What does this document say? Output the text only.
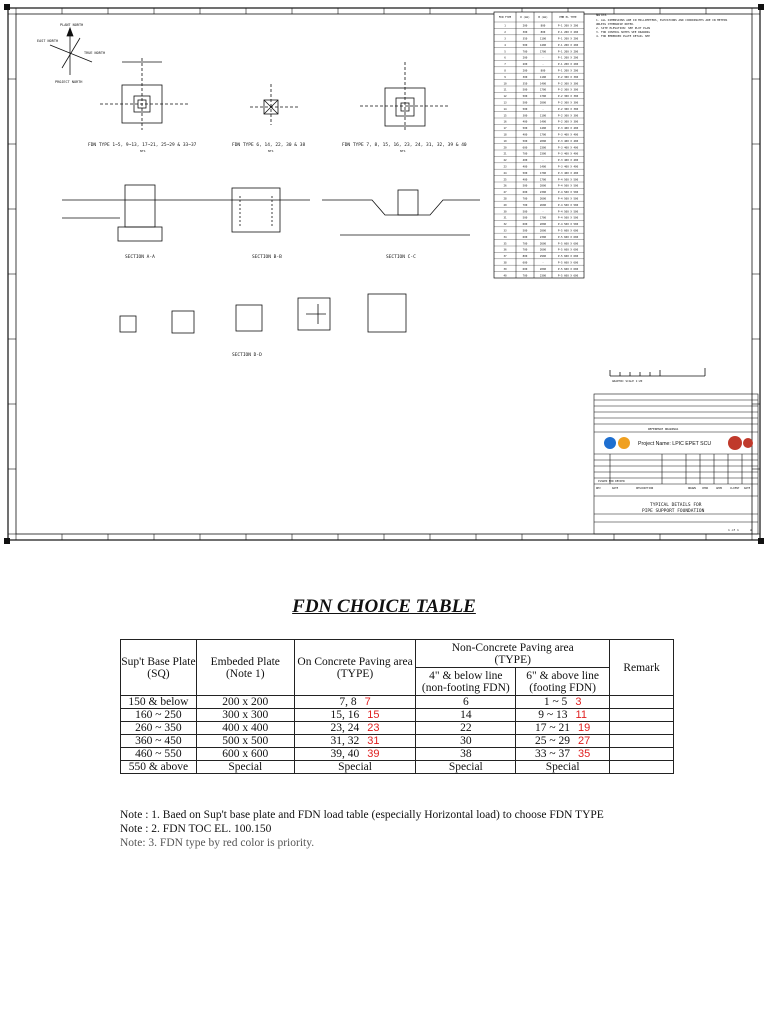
PLANT NORTH
EAST NORTH
TRUE NORTH
PROJECT NORTH
FDN TYPE 1~5, 9~13, 17~21, 25~29 & 33~37
NTS
FDN TYPE 6, 14, 22, 30 & 38
NTS
FDN TYPE 7, 8, 15, 16, 23, 24, 31, 32, 39 & 40
NTS
SECTION A-A	SECTION B-B	SECTION C-C
SECTION D-D
FDN TYPE	D (mm)	B (mm)	EMB PL TYPE
1	200	800	P-1 200 X 200
2	300	800	P-1 200 X 200
3	350	1100	P-1 200 X 200
4	500	1400	P-1 200 X 200
5	700	1700	P-1 200 X 200
6	200	-	P-1 200 X 200
7	200	-	P-1 200 X 200
8	200	800	P-1 200 X 200
9	300	1100	P-2 300 X 300
10	350	1400	P-2 300 X 300
11	500	1700	P-2 300 X 300
12	500	1700	P-2 300 X 300
13	500	2000	P-2 300 X 300
14	500	-	P-2 300 X 300
15	300	1100	P-2 300 X 300
16	400	1400	P-2 300 X 300
17	500	1400	P-3 400 X 400
18	400	1700	P-3 400 X 400
19	500	2000	P-3 400 X 400
20	600	2300	P-3 400 X 400
21	700	2300	P-3 400 X 400
22	400	-	P-3 400 X 400
23	400	1400	P-3 400 X 400
24	500	1700	P-3 400 X 400
25	400	1700	P-4 500 X 500
26	500	2000	P-4 500 X 500
27	600	2300	P-4 500 X 500
28	700	2600	P-4 500 X 500
29	700	2600	P-4 500 X 500
30	500	-	P-4 500 X 500
31	500	1700	P-4 500 X 500
32	600	2000	P-4 500 X 500
33	500	2000	P-5 600 X 600
34	600	2300	P-5 600 X 600
35	700	2600	P-5 600 X 600
36	700	2600	P-5 600 X 600
37	800	2900	P-5 600 X 600
38	600	-	P-5 600 X 600
39	600	2000	P-5 600 X 600
40	700	2300	P-5 600 X 600
NOTES
1. ALL DIMENSIONS ARE IN MILLIMETERS, ELEVATIONS AND COORDINATES ARE IN METERS
UNLESS OTHERWISE NOTED.
2. SITE ELEVATION: SEE PLOT PLAN
3. FOR CONTROL NOTES SEE DRAWING
4. FOR EMBEDDED PLATE DETAIL SEE
GRAPHIC SCALE 1:20
REFERENCE DRAWINGS
Project Name: LPIC EPET SCU
ISSUED FOR REVIEW
REV	DATE	DESCRIPTION	DRAWN CHKD	APPD	CLIENT DATE
TYPICAL DETAILS FOR
PIPE SUPPORT FOUNDATION
1 of 1	A
FDN CHOICE TABLE
Sup't Base Plate
(SQ)	Embeded Plate
(Note 1)	On Concrete Paving area
(TYPE)	Non-Concrete Paving area
(TYPE)		Remark
			4" & below line
(non-footing FDN)	6" & above line
(footing FDN)	
150 & below	200 x 200	7, 8 7	6	1 ~ 5 3	
160 ~ 250	300 x 300	15, 16 15	14	9 ~ 13 11	
260 ~ 350	400 x 400	23, 24 23	22	17 ~ 21 19	
360 ~ 450	500 x 500	31, 32 31	30	25 ~ 29 27	
460 ~ 550	600 x 600	39, 40 39	38	33 ~ 37 35	
550 & above	Special	Special	Special	Special	
Note : 1. Baed on Sup't base plate and FDN load table (especially Horizontal load) to choose FDN TYPE
Note : 2. FDN TOC EL. 100.150
Note: 3. FDN type by red color is priority.
